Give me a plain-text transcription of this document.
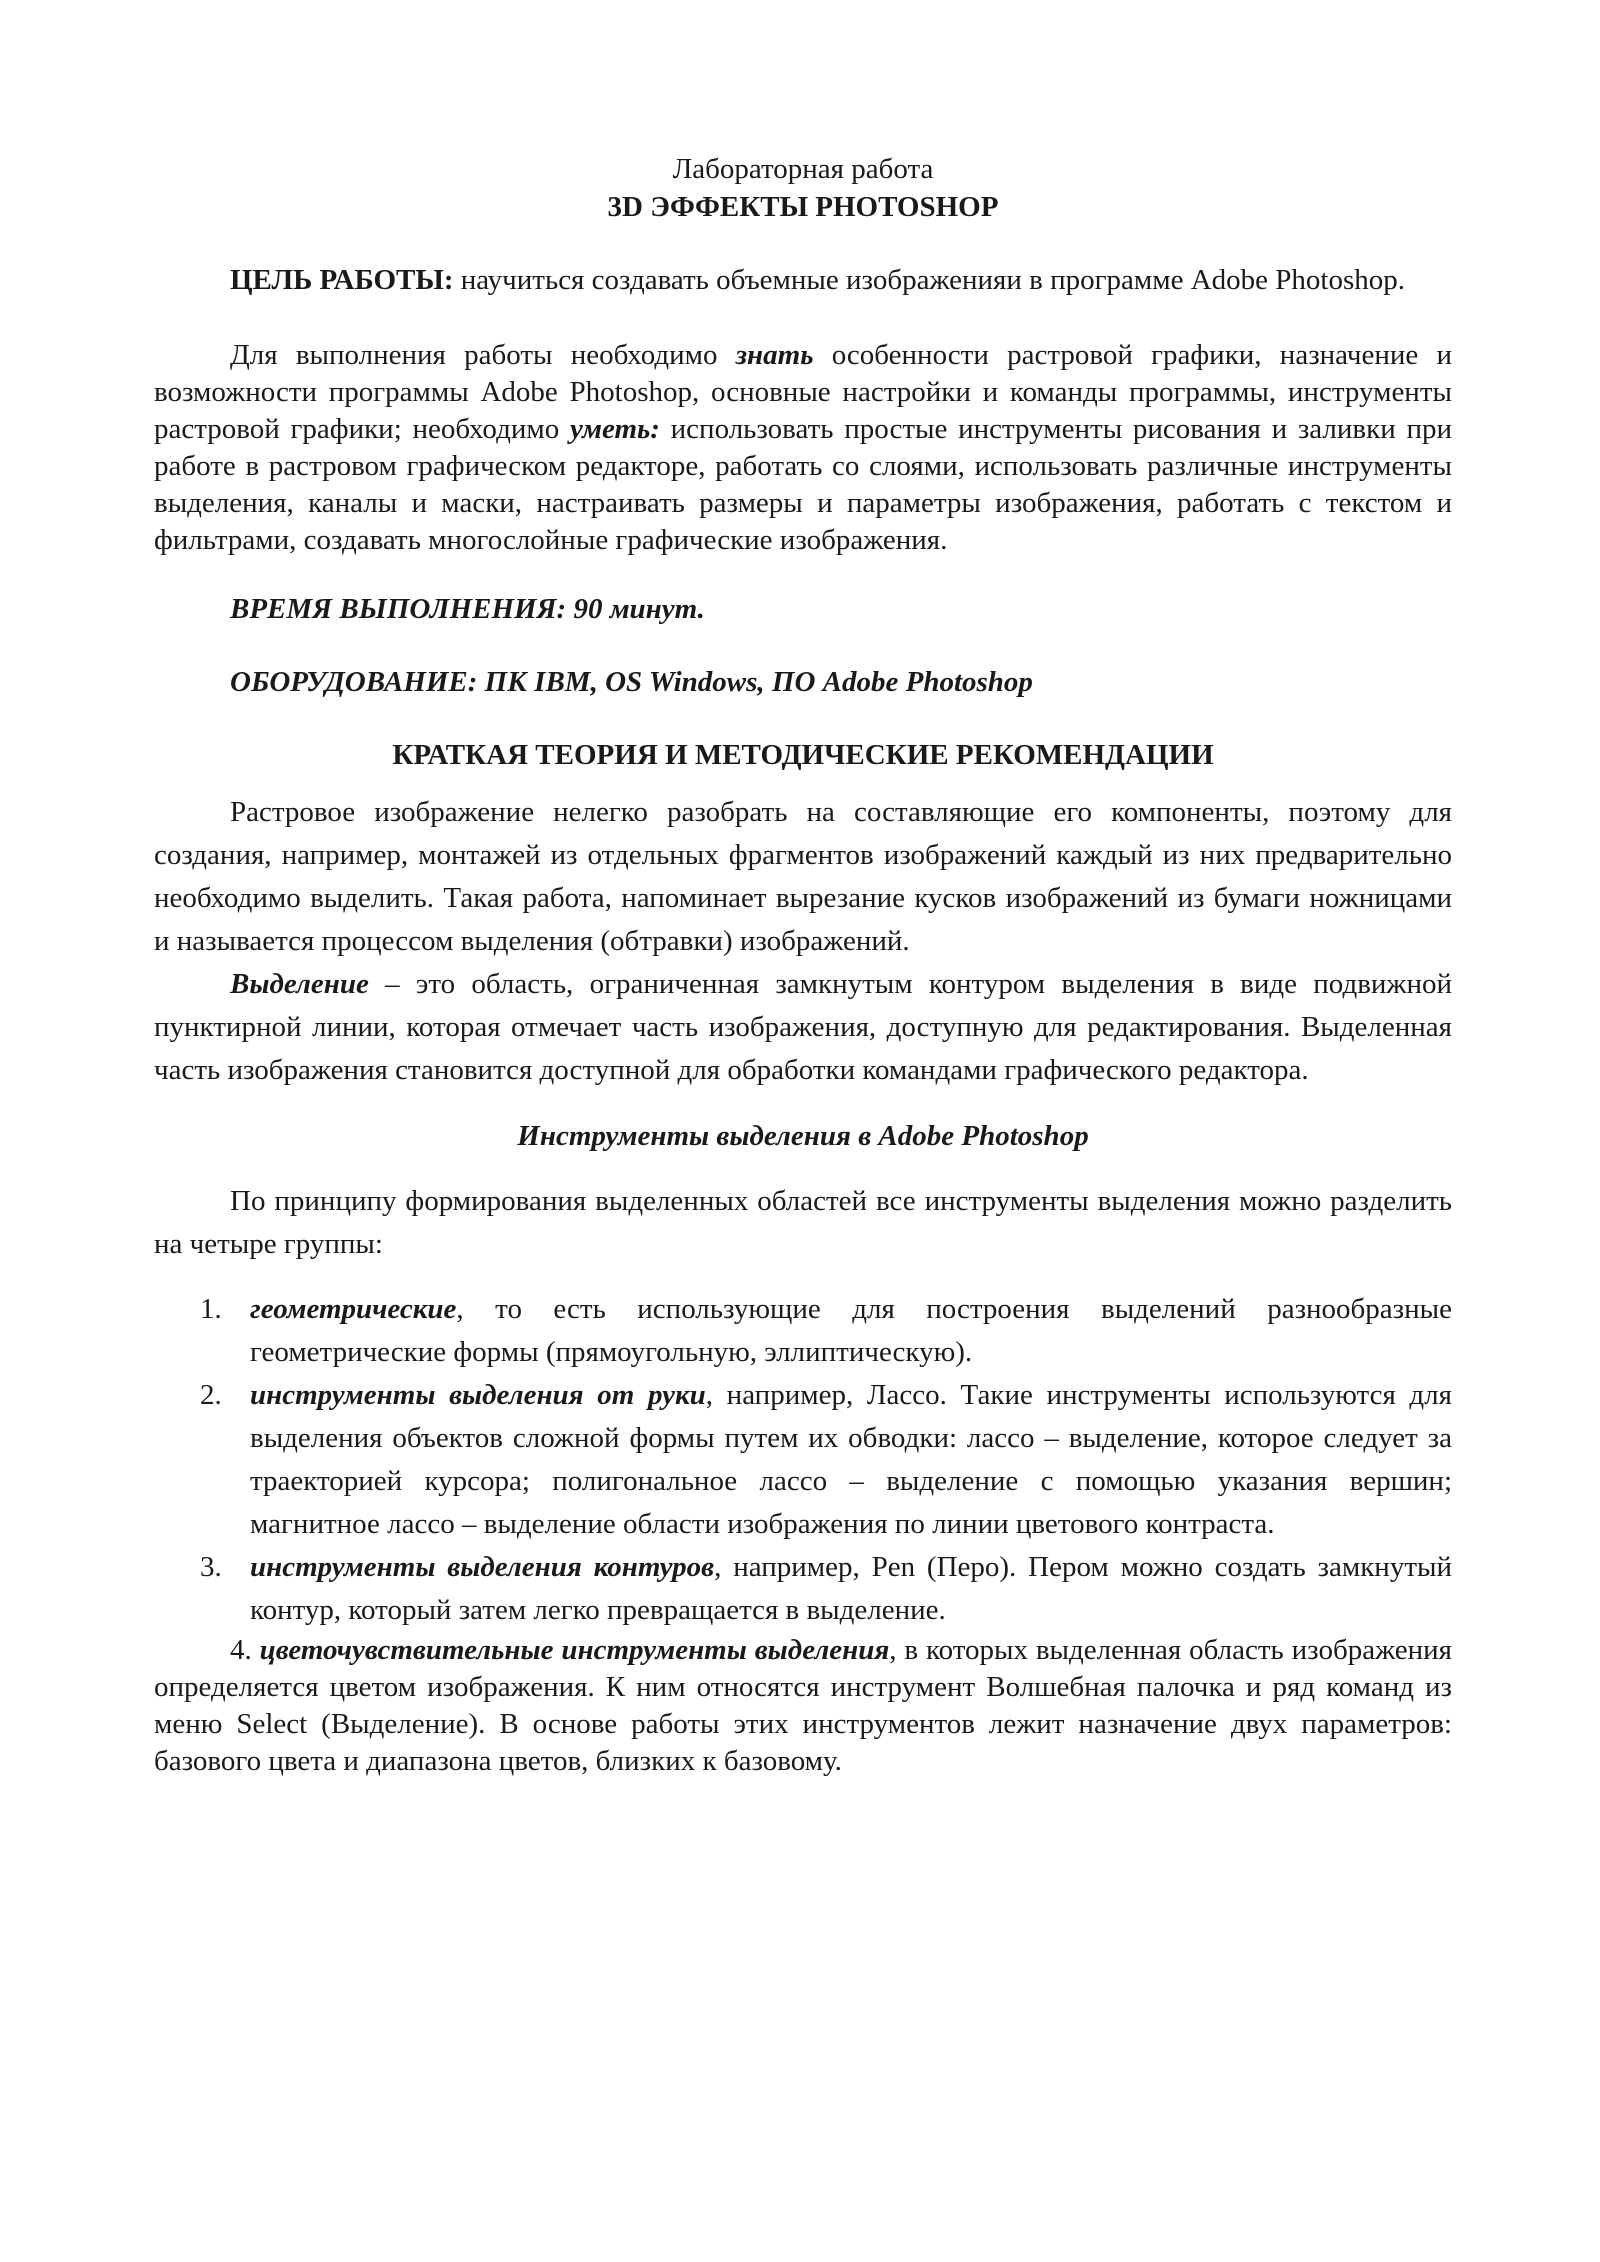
Лабораторная работа
3D ЭФФЕКТЫ PHOTOSHOP

ЦЕЛЬ РАБОТЫ: научиться создавать объемные изображенияи в программе Adobe Photoshop.

Для выполнения работы необходимо знать особенности растровой графики, назначение и возможности программы Adobe Photoshop, основные настройки и команды программы, инструменты растровой графики; необходимо уметь: использовать простые инструменты рисования и заливки при работе в растровом графическом редакторе, работать со слоями, использовать различные инструменты выделения, каналы и маски, настраивать размеры и параметры изображения, работать с текстом и фильтрами, создавать многослойные графические изображения.

ВРЕМЯ ВЫПОЛНЕНИЯ: 90 минут.

ОБОРУДОВАНИЕ: ПК IBM, OS Windows, ПО Adobe Photoshop

КРАТКАЯ ТЕОРИЯ И МЕТОДИЧЕСКИЕ РЕКОМЕНДАЦИИ

Растровое изображение нелегко разобрать на составляющие его компоненты, поэтому для создания, например, монтажей из отдельных фрагментов изображений каждый из них предварительно необходимо выделить. Такая работа, напоминает вырезание кусков изображений из бумаги ножницами и называется процессом выделения (обтравки) изображений.

Выделение – это область, ограниченная замкнутым контуром выделения в виде подвижной пунктирной линии, которая отмечает часть изображения, доступную для редактирования. Выделенная часть изображения становится доступной для обработки командами графического редактора.

Инструменты выделения в Adobe Photoshop

По принципу формирования выделенных областей все инструменты выделения можно разделить на четыре группы:

1. геометрические, то есть использующие для построения выделений разнообразные геометрические формы (прямоугольную, эллиптическую).

2. инструменты выделения от руки, например, Лассо. Такие инструменты используются для выделения объектов сложной формы путем их обводки: лассо – выделение, которое следует за траекторией курсора; полигональное лассо – выделение с помощью указания вершин; магнитное лассо – выделение области изображения по линии цветового контраста.

3. инструменты выделения контуров, например, Pen (Перо). Пером можно создать замкнутый контур, который затем легко превращается в выделение.

4. цветочувствительные инструменты выделения, в которых выделенная область изображения определяется цветом изображения. К ним относятся инструмент Волшебная палочка и ряд команд из меню Select (Выделение). В основе работы этих инструментов лежит назначение двух параметров: базового цвета и диапазона цветов, близких к базовому.
